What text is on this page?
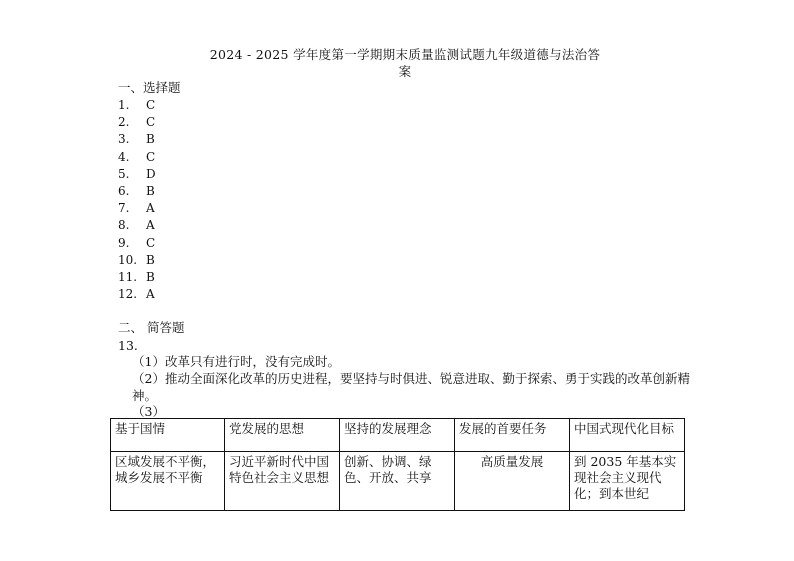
2024 - 2025 学年度第一学期期末质量监测试题九年级道德与法治答
案
一、选择题
1. C
2. C
3. B
4. C
5. D
6. B
7. A
8. A
9. C
10. B
11. B
12. A
二、 简答题
13.
（1）改革只有进行时，没有完成时。
（2）推动全面深化改革的历史进程，要坚持与时俱进、锐意进取、勤于探索、勇于实践的改革创新精神。
（3）
基于国情	党发展的思想	坚持的发展理念	发展的首要任务	中国式现代化目标
区域发展不平衡，城乡发展不平衡	习近平新时代中国特色社会主义思想	创新、协调、绿色、开放、共享	高质量发展	到 2035 年基本实现社会主义现代化；到本世纪
